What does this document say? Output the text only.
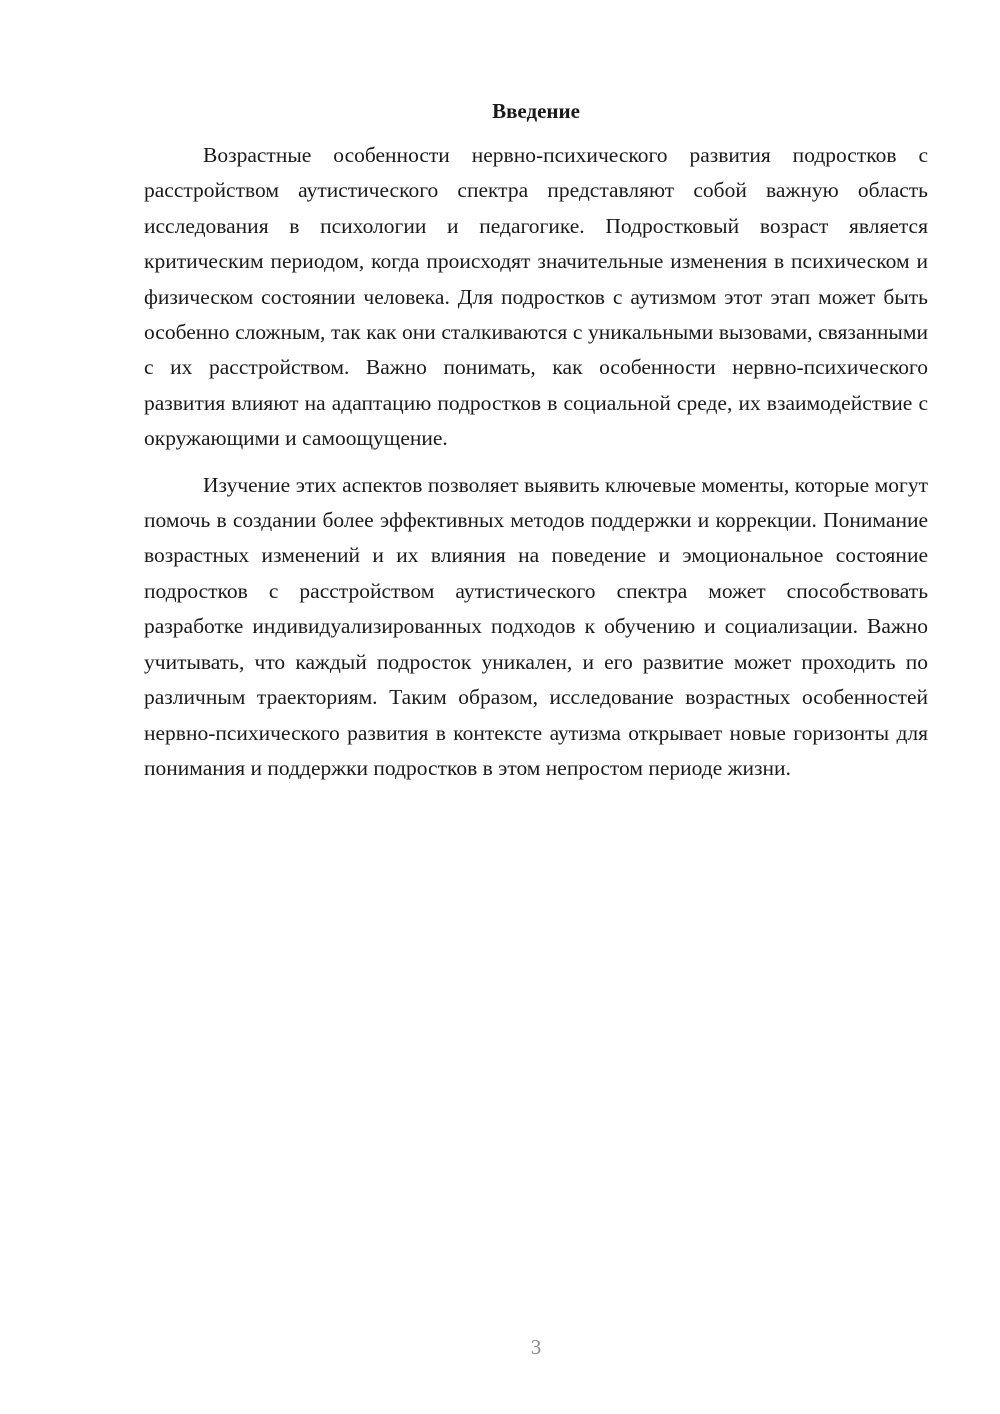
Введение

Возрастные особенности нервно-психического развития подростков с расстройством аутистического спектра представляют собой важную область исследования в психологии и педагогике. Подростковый возраст является критическим периодом, когда происходят значительные изменения в психическом и физическом состоянии человека. Для подростков с аутизмом этот этап может быть особенно сложным, так как они сталкиваются с уникальными вызовами, связанными с их расстройством. Важно понимать, как особенности нервно-психического развития влияют на адаптацию подростков в социальной среде, их взаимодействие с окружающими и самоощущение.

Изучение этих аспектов позволяет выявить ключевые моменты, которые могут помочь в создании более эффективных методов поддержки и коррекции. Понимание возрастных изменений и их влияния на поведение и эмоциональное состояние подростков с расстройством аутистического спектра может способствовать разработке индивидуализированных подходов к обучению и социализации. Важно учитывать, что каждый подросток уникален, и его развитие может проходить по различным траекториям. Таким образом, исследование возрастных особенностей нервно-психического развития в контексте аутизма открывает новые горизонты для понимания и поддержки подростков в этом непростом периоде жизни.

3
